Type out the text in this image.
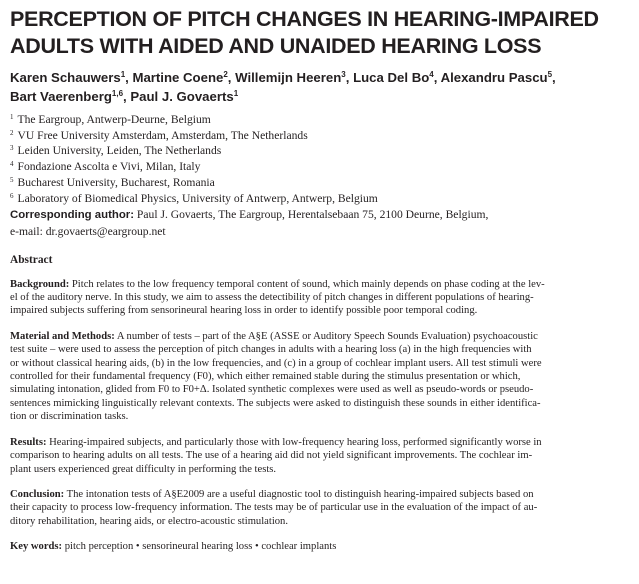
PERCEPTION OF PITCH CHANGES IN HEARING-IMPAIRED
ADULTS WITH AIDED AND UNAIDED HEARING LOSS
Karen Schauwers$^1$, Martine Coene$^2$, Willemijn Heeren$^3$, Luca Del Bo$^4$, Alexandru Pascu$^5$,
Bart Vaerenberg$^{1,6}$, Paul J. Govaerts$^1$
$^1$ The Eargroup, Antwerp-Deurne, Belgium
$^2$ VU Free University Amsterdam, Amsterdam, The Netherlands
$^3$ Leiden University, Leiden, The Netherlands
$^4$ Fondazione Ascolta e Vivi, Milan, Italy
$^5$ Bucharest University, Bucharest, Romania
$^6$ Laboratory of Biomedical Physics, University of Antwerp, Antwerp, Belgium
Corresponding author: Paul J. Govaerts, The Eargroup, Herentalsebaan 75, 2100 Deurne, Belgium,
e-mail: dr.govaerts@eargroup.net
Abstract
Background: Pitch relates to the low frequency temporal content of sound, which mainly depends on phase coding at the lev-
el of the auditory nerve. In this study, we aim to assess the detectibility of pitch changes in different populations of hearing-
impaired subjects suffering from sensorineural hearing loss in order to identify possible poor temporal coding.
Material and Methods: A number of tests – part of the A§E (ASSE or Auditory Speech Sounds Evaluation) psychoacoustic
test suite – were used to assess the perception of pitch changes in adults with a hearing loss (a) in the high frequencies with
or without classical hearing aids, (b) in the low frequencies, and (c) in a group of cochlear implant users. All test stimuli were
controlled for their fundamental frequency (F0), which either remained stable during the stimulus presentation or which,
simulating intonation, glided from F0 to F0+Δ. Isolated synthetic complexes were used as well as pseudo-words or pseudo-
sentences mimicking linguistically relevant contexts. The subjects were asked to distinguish these sounds in either identifica-
tion or discrimination tasks.
Results: Hearing-impaired subjects, and particularly those with low-frequency hearing loss, performed significantly worse in
comparison to hearing adults on all tests. The use of a hearing aid did not yield significant improvements. The cochlear im-
plant users experienced great difficulty in performing the tests.
Conclusion: The intonation tests of A§E2009 are a useful diagnostic tool to distinguish hearing-impaired subjects based on
their capacity to process low-frequency information. The tests may be of particular use in the evaluation of the impact of au-
ditory rehabilitation, hearing aids, or electro-acoustic stimulation.
Key words: pitch perception • sensorineural hearing loss • cochlear implants
